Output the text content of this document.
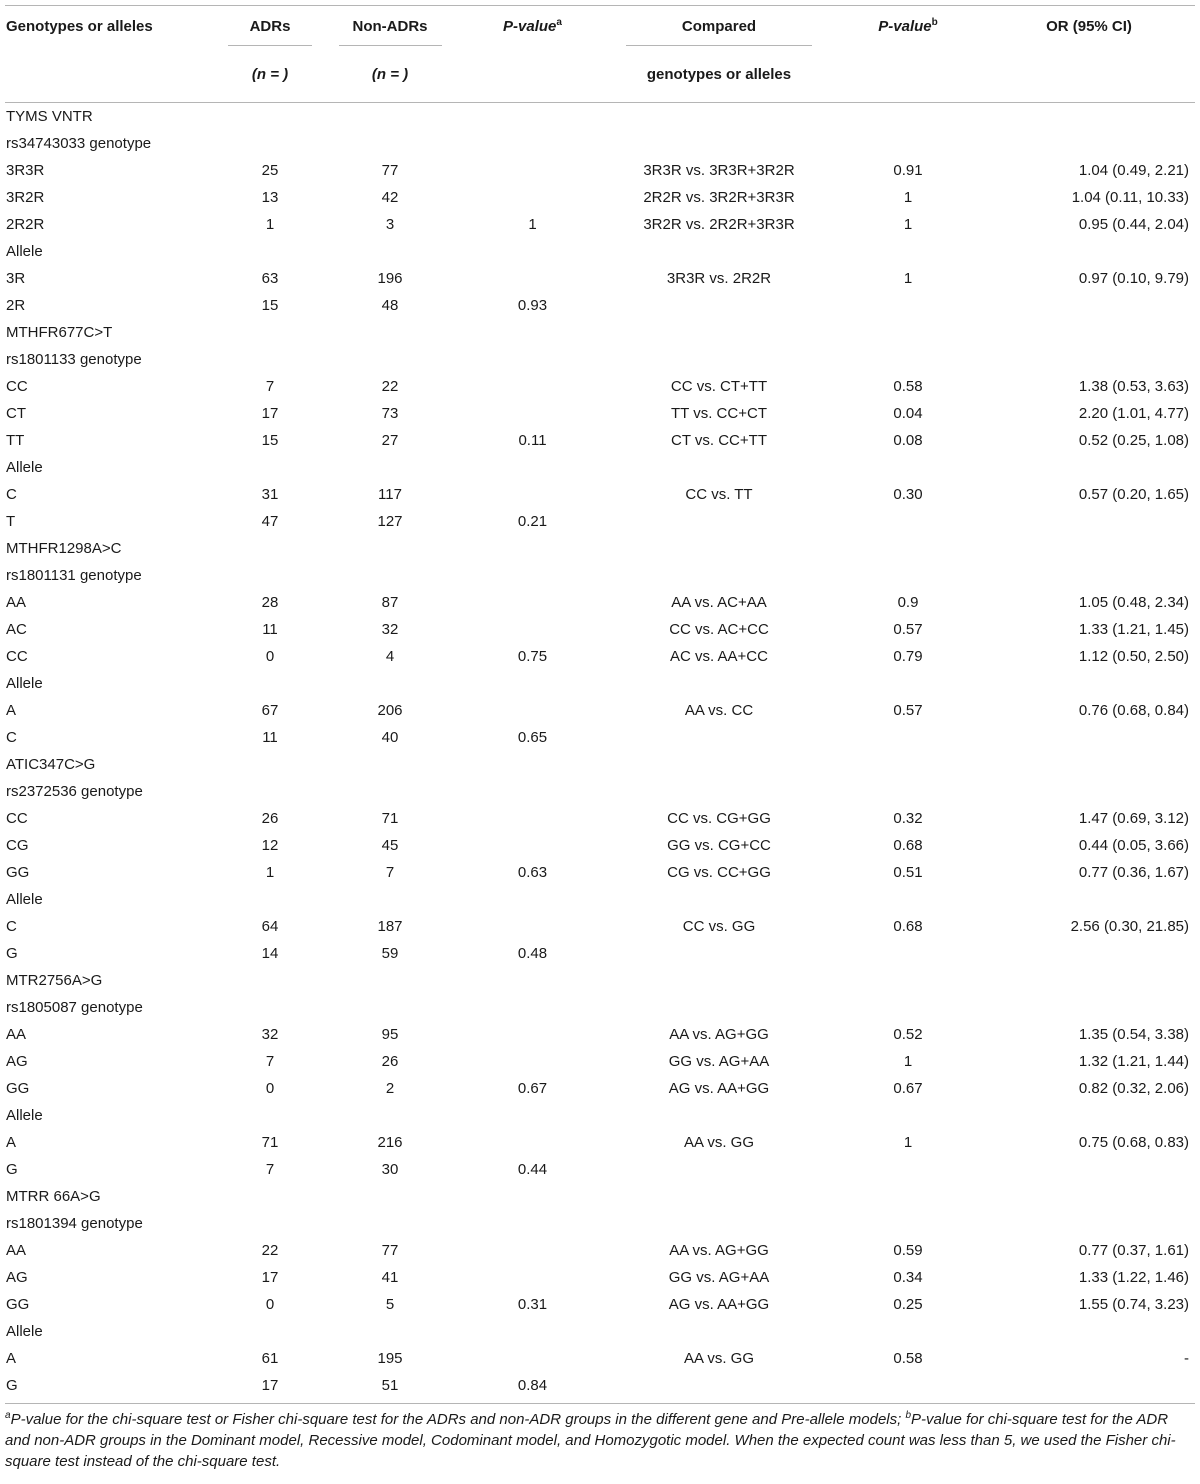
Genotypes or alleles	ADRs	Non-ADRs	P-value$^a$	Compared	P-value$^b$	OR (95% CI)
	(n = )	(n = )		genotypes or alleles		
TYMS VNTR						
rs34743033 genotype						
3R3R	25	77		3R3R vs. 3R3R+3R2R	0.91	1.04 (0.49, 2.21)
3R2R	13	42		2R2R vs. 3R2R+3R3R	1	1.04 (0.11, 10.33)
2R2R	1	3	1	3R2R vs. 2R2R+3R3R	1	0.95 (0.44, 2.04)
Allele						
3R	63	196		3R3R vs. 2R2R	1	0.97 (0.10, 9.79)
2R	15	48	0.93			
MTHFR677C>T						
rs1801133 genotype						
CC	7	22		CC vs. CT+TT	0.58	1.38 (0.53, 3.63)
CT	17	73		TT vs. CC+CT	0.04	2.20 (1.01, 4.77)
TT	15	27	0.11	CT vs. CC+TT	0.08	0.52 (0.25, 1.08)
Allele						
C	31	117		CC vs. TT	0.30	0.57 (0.20, 1.65)
T	47	127	0.21			
MTHFR1298A>C						
rs1801131 genotype						
AA	28	87		AA vs. AC+AA	0.9	1.05 (0.48, 2.34)
AC	11	32		CC vs. AC+CC	0.57	1.33 (1.21, 1.45)
CC	0	4	0.75	AC vs. AA+CC	0.79	1.12 (0.50, 2.50)
Allele						
A	67	206		AA vs. CC	0.57	0.76 (0.68, 0.84)
C	11	40	0.65			
ATIC347C>G						
rs2372536 genotype						
CC	26	71		CC vs. CG+GG	0.32	1.47 (0.69, 3.12)
CG	12	45		GG vs. CG+CC	0.68	0.44 (0.05, 3.66)
GG	1	7	0.63	CG vs. CC+GG	0.51	0.77 (0.36, 1.67)
Allele						
C	64	187		CC vs. GG	0.68	2.56 (0.30, 21.85)
G	14	59	0.48			
MTR2756A>G						
rs1805087 genotype						
AA	32	95		AA vs. AG+GG	0.52	1.35 (0.54, 3.38)
AG	7	26		GG vs. AG+AA	1	1.32 (1.21, 1.44)
GG	0	2	0.67	AG vs. AA+GG	0.67	0.82 (0.32, 2.06)
Allele						
A	71	216		AA vs. GG	1	0.75 (0.68, 0.83)
G	7	30	0.44			
MTRR 66A>G						
rs1801394 genotype						
AA	22	77		AA vs. AG+GG	0.59	0.77 (0.37, 1.61)
AG	17	41		GG vs. AG+AA	0.34	1.33 (1.22, 1.46)
GG	0	5	0.31	AG vs. AA+GG	0.25	1.55 (0.74, 3.23)
Allele						
A	61	195		AA vs. GG	0.58	-
G	17	51	0.84			
$^a$P-value for the chi-square test or Fisher chi-square test for the ADRs and non-ADR groups in the different gene and Pre-allele models; $^b$P-value for chi-square test for the ADR and non-ADR groups in the Dominant model, Recessive model, Codominant model, and Homozygotic model. When the expected count was less than 5, we used the Fisher chi-square test instead of the chi-square test.
